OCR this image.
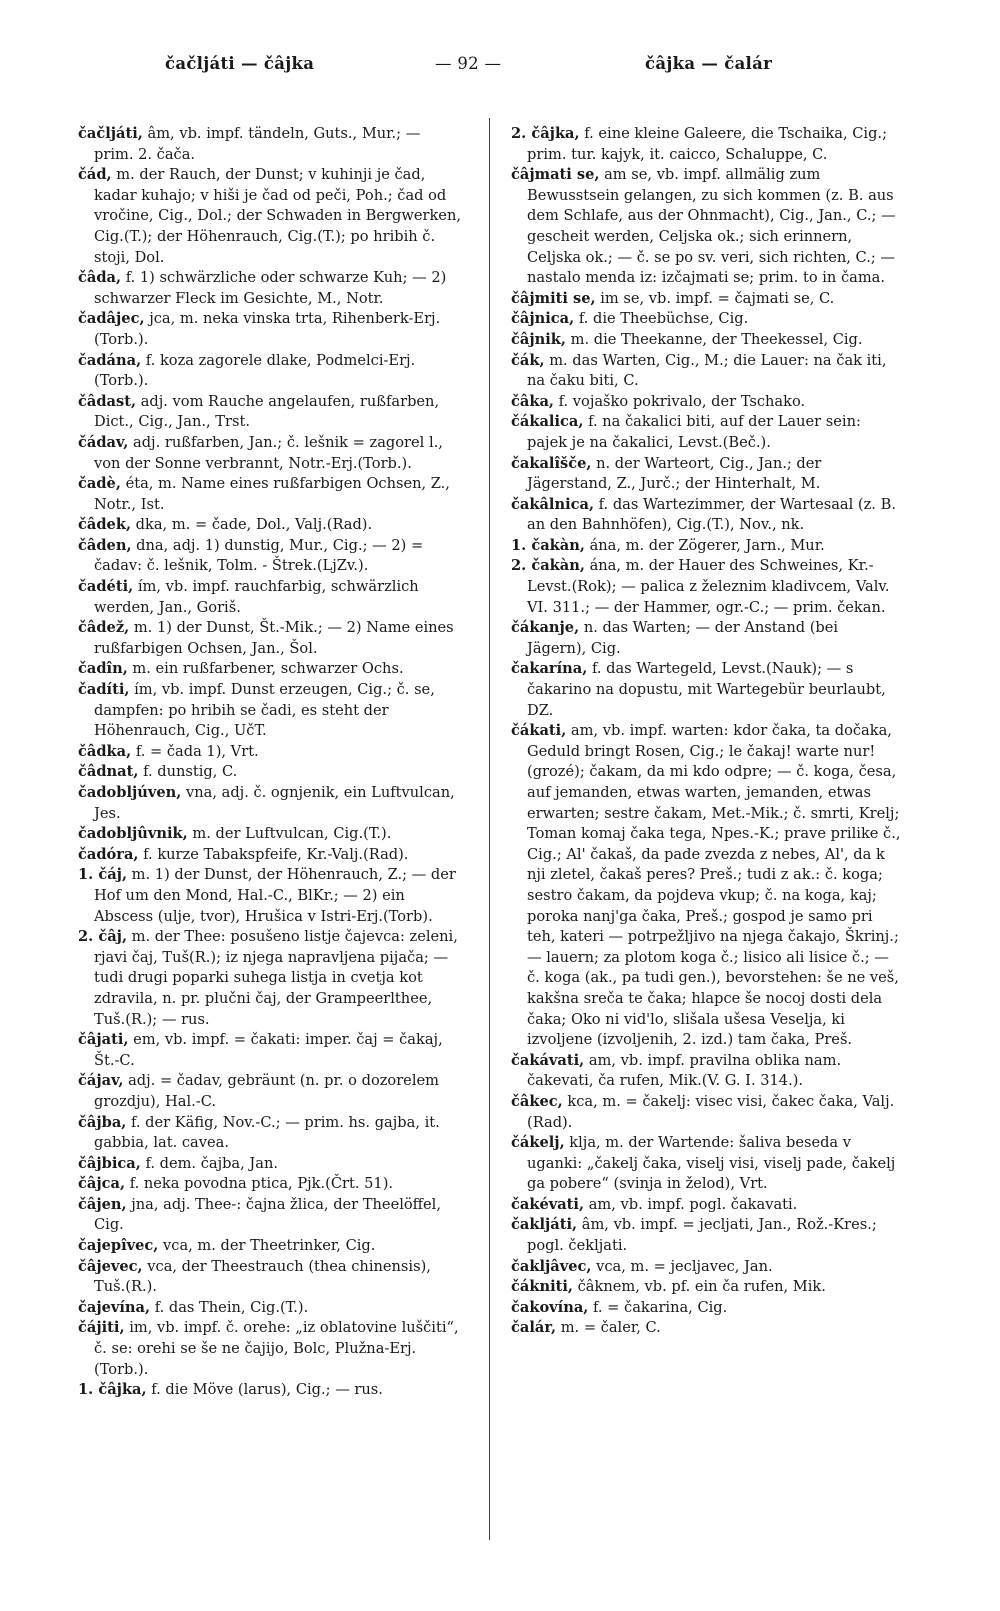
čačljáti — čâjka	— 92 —	čâjka — čalár

čačljáti, âm, vb. impf. tändeln, Guts., Mur.; — prim. 2. čača.

čád, m. der Rauch, der Dunst; v kuhinji je čad, kadar kuhajo; v hiši je čad od peči, Poh.; čad od vročine, Cig., Dol.; der Schwaden in Bergwerken, Cig.(T.); der Höhenrauch, Cig.(T.); po hribih č. stoji, Dol.

čâda, f. 1) schwärzliche oder schwarze Kuh; — 2) schwarzer Fleck im Gesichte, M., Notr.

čadâjec, jca, m. neka vinska trta, Rihenberk-Erj.(Torb.).

čadána, f. koza zagorele dlake, Podmelci-Erj.(Torb.).

čâdast, adj. vom Rauche angelaufen, rußfarben, Dict., Cig., Jan., Trst.

čádav, adj. rußfarben, Jan.; č. lešnik = zagorel l., von der Sonne verbrannt, Notr.-Erj.(Torb.).

čadè, éta, m. Name eines rußfarbigen Ochsen, Z., Notr., Ist.

čâdek, dka, m. = čade, Dol., Valj.(Rad).

čâden, dna, adj. 1) dunstig, Mur., Cig.; — 2) = čadav: č. lešnik, Tolm. - Štrek.(LjZv.).

čadéti, ím, vb. impf. rauchfarbig, schwärzlich werden, Jan., Goriš.

čâdež, m. 1) der Dunst, Št.-Mik.; — 2) Name eines rußfarbigen Ochsen, Jan., Šol.

čadîn, m. ein rußfarbener, schwarzer Ochs.

čadíti, ím, vb. impf. Dunst erzeugen, Cig.; č. se, dampfen: po hribih se čadi, es steht der Höhenrauch, Cig., UčT.

čâdka, f. = čada 1), Vrt.

čâdnat, f. dunstig, C.

čadobljúven, vna, adj. č. ognjenik, ein Luftvulcan, Jes.

čadobljûvnik, m. der Luftvulcan, Cig.(T.).

čadóra, f. kurze Tabakspfeife, Kr.-Valj.(Rad).

1. čáj, m. 1) der Dunst, der Höhenrauch, Z.; — der Hof um den Mond, Hal.-C., BlKr.; — 2) ein Abscess (ulje, tvor), Hrušica v Istri-Erj.(Torb).

2. čâj, m. der Thee: posušeno listje čajevca: zeleni, rjavi čaj, Tuš(R.); iz njega napravljena pijača; — tudi drugi poparki suhega listja in cvetja kot zdravila, n. pr. plučni čaj, der Grampeerlthee, Tuš.(R.); — rus.

čâjati, em, vb. impf. = čakati: imper. čaj = čakaj, Št.-C.

čájav, adj. = čadav, gebräunt (n. pr. o dozorelem grozdju), Hal.-C.

čâjba, f. der Käfig, Nov.-C.; — prim. hs. gajba, it. gabbia, lat. cavea.

čâjbica, f. dem. čajba, Jan.

čâjca, f. neka povodna ptica, Pjk.(Črt. 51).

čâjen, jna, adj. Thee-: čajna žlica, der Theelöffel, Cig.

čajepîvec, vca, m. der Theetrinker, Cig.

čâjevec, vca, der Theestrauch (thea chinensis), Tuš.(R.).

čajevína, f. das Thein, Cig.(T.).

čájiti, im, vb. impf. č. orehe: „iz oblatovine luščiti“, č. se: orehi se še ne čajijo, Bolc, Plužna-Erj.(Torb.).

1. čâjka, f. die Möve (larus), Cig.; — rus.

2. čâjka, f. eine kleine Galeere, die Tschaika, Cig.; prim. tur. kajyk, it. caicco, Schaluppe, C.

čâjmati se, am se, vb. impf. allmälig zum Bewusstsein gelangen, zu sich kommen (z. B. aus dem Schlafe, aus der Ohnmacht), Cig., Jan., C.; — gescheit werden, Celjska ok.; sich erinnern, Celjska ok.; — č. se po sv. veri, sich richten, C.; — nastalo menda iz: izčajmati se; prim. to in čama.

čâjmiti se, im se, vb. impf. = čajmati se, C.

čâjnica, f. die Theebüchse, Cig.

čâjnik, m. die Theekanne, der Theekessel, Cig.

čák, m. das Warten, Cig., M.; die Lauer: na čak iti, na čaku biti, C.

čâka, f. vojaško pokrivalo, der Tschako.

čákalica, f. na čakalici biti, auf der Lauer sein: pajek je na čakalici, Levst.(Beč.).

čakalîšče, n. der Warteort, Cig., Jan.; der Jägerstand, Z., Jurč.; der Hinterhalt, M.

čakâlnica, f. das Wartezimmer, der Wartesaal (z. B. an den Bahnhöfen), Cig.(T.), Nov., nk.

1. čakàn, ána, m. der Zögerer, Jarn., Mur.

2. čakàn, ána, m. der Hauer des Schweines, Kr.-Levst.(Rok); — palica z železnim kladivcem, Valv. VI. 311.; — der Hammer, ogr.-C.; — prim. čekan.

čákanje, n. das Warten; — der Anstand (bei Jägern), Cig.

čakarína, f. das Wartegeld, Levst.(Nauk); — s čakarino na dopustu, mit Wartegebür beurlaubt, DZ.

čákati, am, vb. impf. warten: kdor čaka, ta dočaka, Geduld bringt Rosen, Cig.; le čakaj! warte nur! (grozé); čakam, da mi kdo odpre; — č. koga, česa, auf jemanden, etwas warten, jemanden, etwas erwarten; sestre čakam, Met.-Mik.; č. smrti, Krelj; Toman komaj čaka tega, Npes.-K.; prave prilike č., Cig.; Al' čakaš, da pade zvezda z nebes, Al', da k nji zletel, čakaš peres? Preš.; tudi z ak.: č. koga; sestro čakam, da pojdeva vkup; č. na koga, kaj; poroka nanj'ga čaka, Preš.; gospod je samo pri teh, kateri — potrpežljivo na njega čakajo, Škrinj.; — lauern; za plotom koga č.; lisico ali lisice č.; — č. koga (ak., pa tudi gen.), bevorstehen: še ne veš, kakšna sreča te čaka; hlapce še nocoj dosti dela čaka; Oko ni vid'lo, slišala ušesa Veselja, ki izvoljene (izvoljenih, 2. izd.) tam čaka, Preš.

čakávati, am, vb. impf. pravilna oblika nam. čakevati, ča rufen, Mik.(V. G. I. 314.).

čâkec, kca, m. = čakelj: visec visi, čakec čaka, Valj.(Rad).

čákelj, klja, m. der Wartende: šaliva beseda v uganki: „čakelj čaka, viselj visi, viselj pade, čakelj ga pobere“ (svinja in želod), Vrt.

čakévati, am, vb. impf. pogl. čakavati.

čakljáti, âm, vb. impf. = jecljati, Jan., Rož.-Kres.; pogl. čekljati.

čakljâvec, vca, m. = jecljavec, Jan.

čákniti, čâknem, vb. pf. ein ča rufen, Mik.

čakovína, f. = čakarina, Cig.

čalár, m. = čaler, C.
